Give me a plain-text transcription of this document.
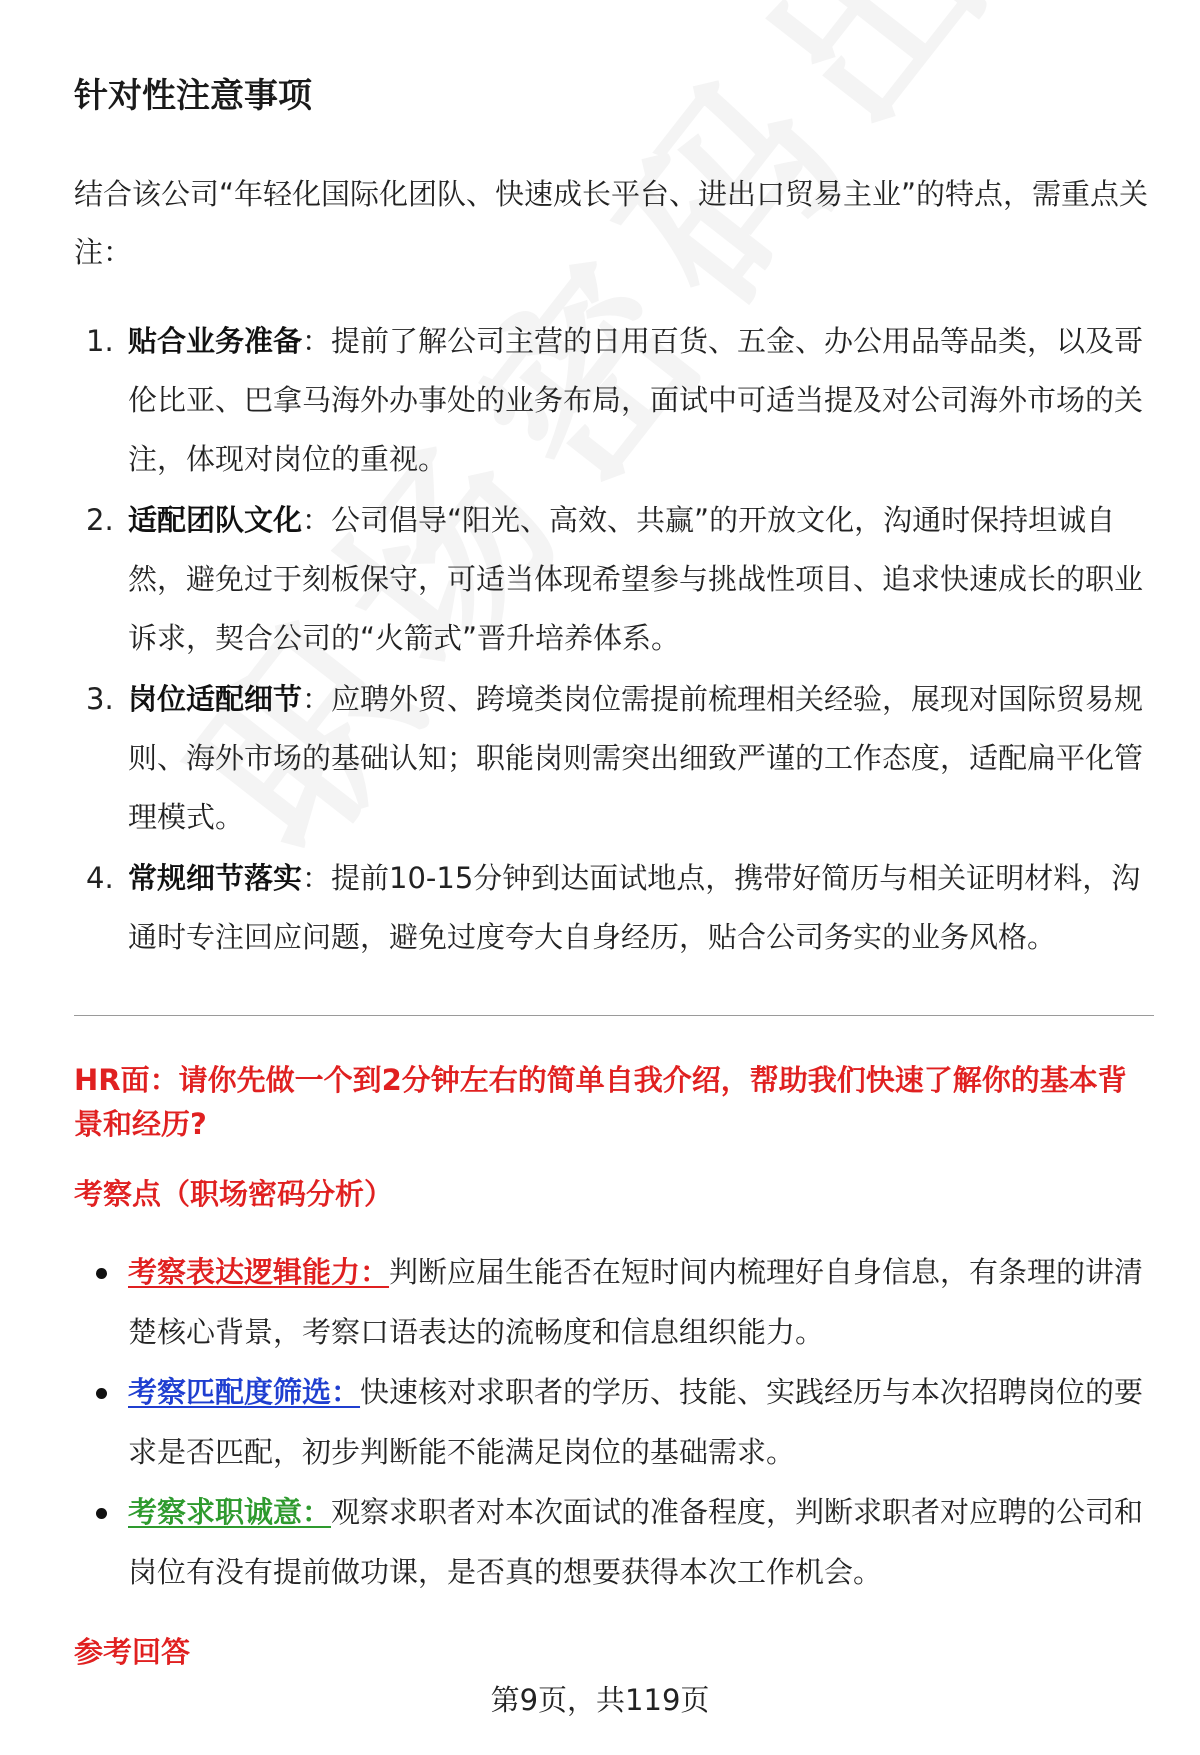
针对性注意事项
结合该公司“年轻化国际化团队、快速成长平台、进出口贸易主业”的特点，需重点关注：
1. 贴合业务准备：提前了解公司主营的日用百货、五金、办公用品等品类，以及哥伦比亚、巴拿马海外办事处的业务布局，面试中可适当提及对公司海外市场的关注，体现对岗位的重视。
2. 适配团队文化：公司倡导“阳光、高效、共赢”的开放文化，沟通时保持坦诚自然，避免过于刻板保守，可适当体现希望参与挑战性项目、追求快速成长的职业诉求，契合公司的“火箭式”晋升培养体系。
3. 岗位适配细节：应聘外贸、跨境类岗位需提前梳理相关经验，展现对国际贸易规则、海外市场的基础认知；职能岗则需突出细致严谨的工作态度，适配扁平化管理模式。
4. 常规细节落实：提前10-15分钟到达面试地点，携带好简历与相关证明材料，沟通时专注回应问题，避免过度夸大自身经历，贴合公司务实的业务风格。
HR面：请你先做一个到2分钟左右的简单自我介绍，帮助我们快速了解你的基本背景和经历?
考察点（职场密码分析）
考察表达逻辑能力：判断应届生能否在短时间内梳理好自身信息，有条理的讲清楚核心背景，考察口语表达的流畅度和信息组织能力。
考察匹配度筛选：快速核对求职者的学历、技能、实践经历与本次招聘岗位的要求是否匹配，初步判断能不能满足岗位的基础需求。
考察求职诚意：观察求职者对本次面试的准备程度，判断求职者对应聘的公司和岗位有没有提前做功课，是否真的想要获得本次工作机会。
参考回答
第9页，共119页
